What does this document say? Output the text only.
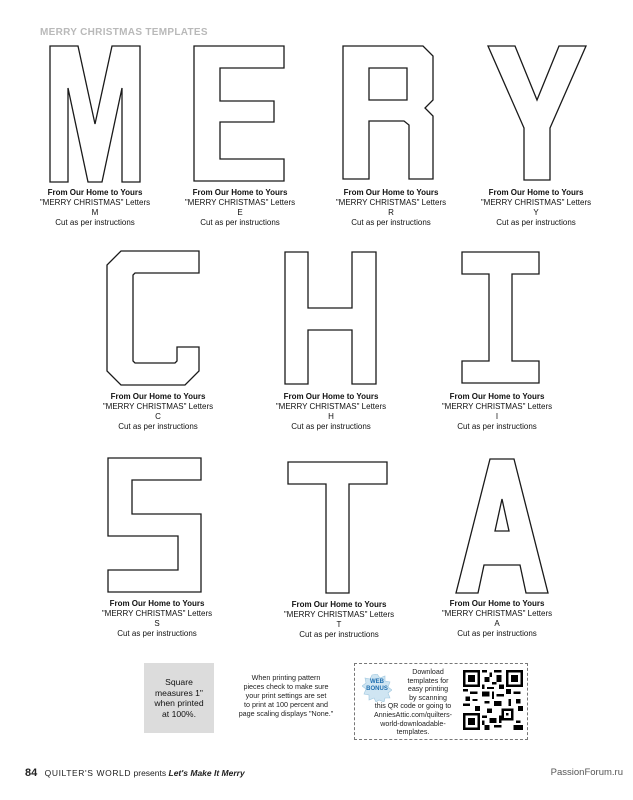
MERRY CHRISTMAS TEMPLATES
From Our Home to Yours
"MERRY CHRISTMAS" Letters
M
Cut as per instructions
From Our Home to Yours
"MERRY CHRISTMAS" Letters
E
Cut as per instructions
From Our Home to Yours
"MERRY CHRISTMAS" Letters
R
Cut as per instructions
From Our Home to Yours
"MERRY CHRISTMAS" Letters
Y
Cut as per instructions
From Our Home to Yours
"MERRY CHRISTMAS" Letters
C
Cut as per instructions
From Our Home to Yours
"MERRY CHRISTMAS" Letters
H
Cut as per instructions
From Our Home to Yours
"MERRY CHRISTMAS" Letters
I
Cut as per instructions
From Our Home to Yours
"MERRY CHRISTMAS" Letters
S
Cut as per instructions
From Our Home to Yours
"MERRY CHRISTMAS" Letters
T
Cut as per instructions
From Our Home to Yours
"MERRY CHRISTMAS" Letters
A
Cut as per instructions
Square
measures 1"
when printed
at 100%.
When printing pattern
pieces check to make sure
your print settings are set
to print at 100 percent and
page scaling displays "None."
WEB
BONUS
Download
templates for
easy printing
by scanning
this QR code or going to
AnniesAttic.com/quilters-
world-downloadable-
templates.
84 QUILTER'S WORLD presents Let's Make It Merry	PassionForum.ru
